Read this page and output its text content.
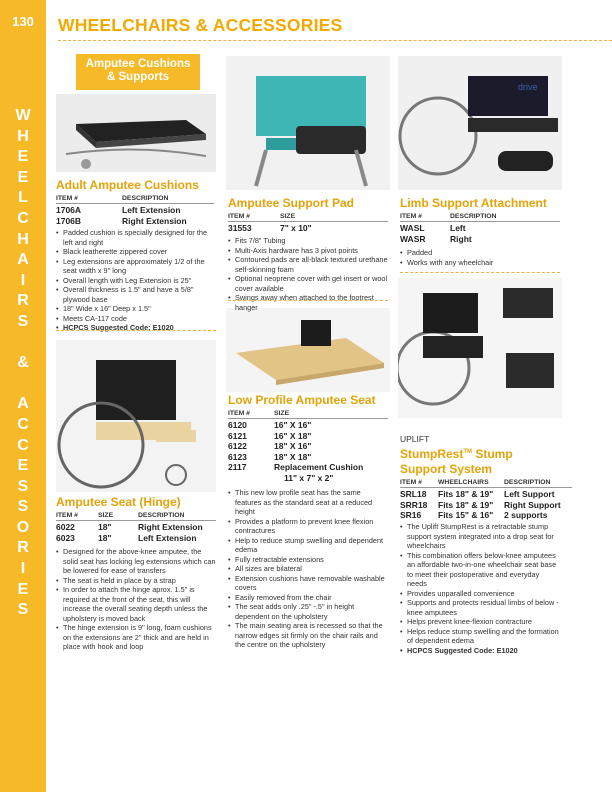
130
W
H
E
E
L
C
H
A
I
R
S

&

A
C
C
E
S
S
O
R
I
E
S
WHEELCHAIRS & ACCESSORIES
Amputee Cushions
& Supports
drive
Adult Amputee Cushions
ITEM #	DESCRIPTION
1706A	Left Extension
1706B	Right Extension
• Padded cushion is specially designed for the left and right
• Black leatherette zippered cover
• Leg extensions are approximately 1/2 of the seat width x 9" long
• Overall length with Leg Extension is 25"
• Overall thickness is 1.5" and have a 5/8" plywood base
• 18" Wide x 16" Deep x 1.5"
• Meets CA-117 code
• HCPCS Suggested Code: E1020
Amputee Support Pad
ITEM #	SIZE
31553	7" x 10"
• Fits 7/8" Tubing
• Multi-Axis hardware has 3 pivot points
• Contoured pads are all-black textured urethane self-skinning foam
• Optional neoprene cover with gel insert or wool cover available
• Swings away when attached to the footrest hanger
Limb Support Attachment
ITEM #	DESCRIPTION
WASL	Left
WASR	Right
• Padded
• Works with any wheelchair
Amputee Seat (Hinge)
ITEM #	SIZE	DESCRIPTION
6022	18"	Right Extension
6023	18"	Left Extension
• Designed for the above-knee amputee, the solid seat has locking leg extensions which can be lowered for ease of transfers
• The seat is held in place by a strap
• In order to attach the hinge aprox. 1.5" is required at the front of the seat, this will increase the overall seating depth unless the upholstery is moved back
• The hinge extension is 9" long, foam cushions on the extensions are 2" thick and are held in place with hook and loop
Low Profile Amputee Seat
ITEM #	SIZE
6120	16" X 16"
6121	16" X 18"
6122	18" X 16"
6123	18" X 18"
2117	Replacement Cushion
11" x 7" x 2"
• This new low profile seat has the same features as the standard seat at a reduced height
• Provides a platform to prevent knee flexion contractures
• Help to reduce stump swelling and dependent edema
• Fully retractable extensions
• All sizes are bilateral
• Extension cushions have removable washable covers
• Easily removed from the chair
• The seat adds only .25" -.5" in height dependent on the upholstery
• The main seating area is recessed so that the narrow edges sit firmly on the chair rails and the centre on the upholstery
UPLIFT
StumpRest™ Stump
Support System
ITEM # WHEELCHAIRS DESCRIPTION
SRL18 Fits 18" & 19" Left Support
SRR18 Fits 18" & 19" Right Support
SR16 Fits 15" & 16" 2 supports
• The Uplift StumpRest is a retractable stump support system integrated into a drop seat for wheelchairs
• This combination offers below-knee amputees an affordable two-in-one wheelchair seat base to meet their postoperative and everyday needs
• Provides unparalled convenience
• Supports and protects residual limbs of below -knee amputees
• Helps prevent knee-flexion contracture
• Helps reduce stump swelling and the formation of dependent edema
• HCPCS Suggested Code: E1020
